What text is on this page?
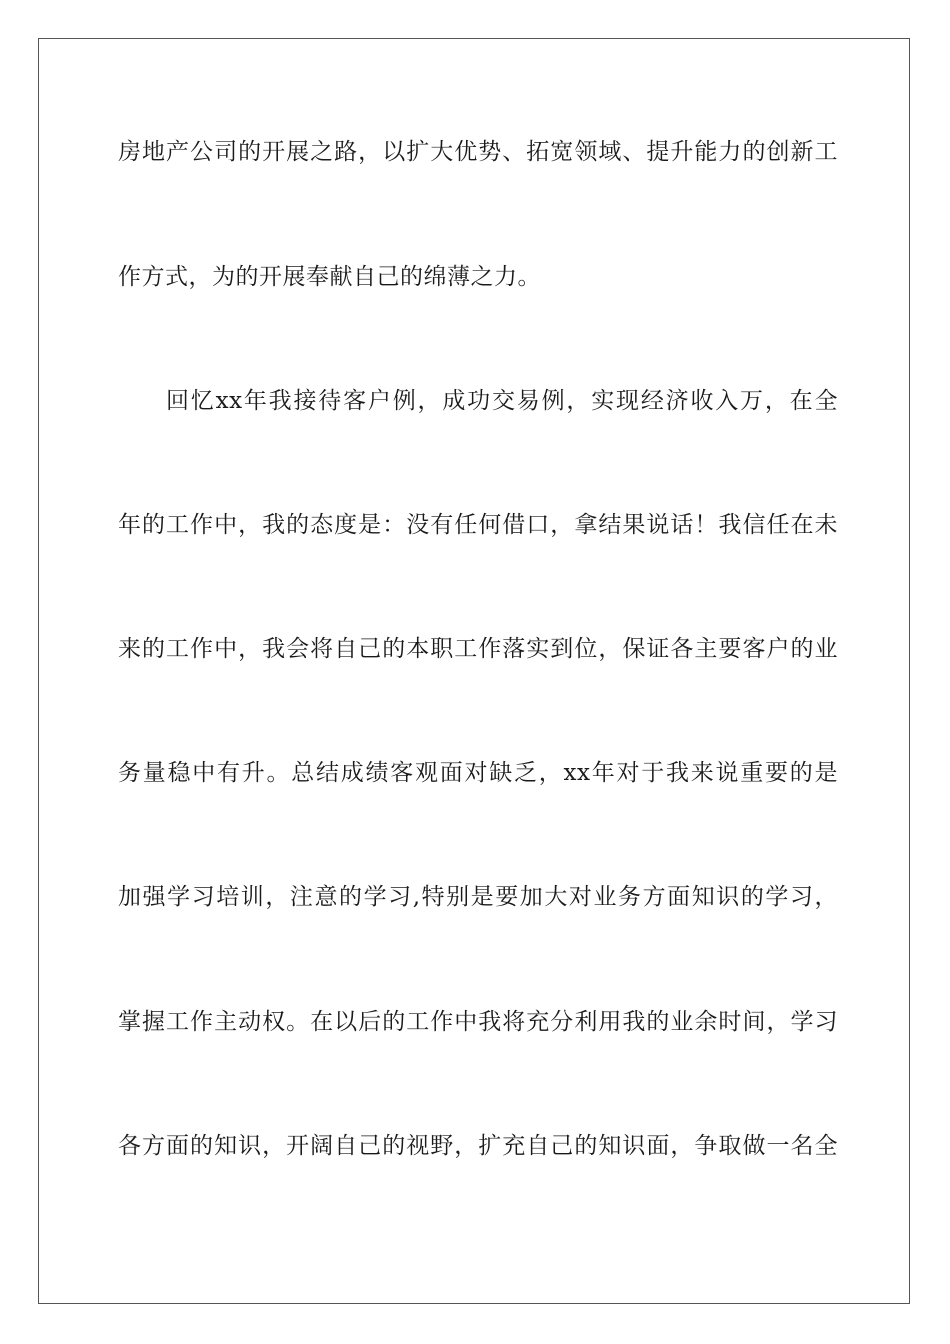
房地产公司的开展之路，以扩大优势、拓宽领域、提升能力的创新工
作方式，为的开展奉献自己的绵薄之力。
回忆xx年我接待客户例，成功交易例，实现经济收入万，在全
年的工作中，我的态度是：没有任何借口，拿结果说话！我信任在未
来的工作中，我会将自己的本职工作落实到位，保证各主要客户的业
务量稳中有升。总结成绩客观面对缺乏，xx年对于我来说重要的是
加强学习培训，注意的学习,特别是要加大对业务方面知识的学习，
掌握工作主动权。在以后的工作中我将充分利用我的业余时间，学习
各方面的知识，开阔自己的视野，扩充自己的知识面，争取做一名全
